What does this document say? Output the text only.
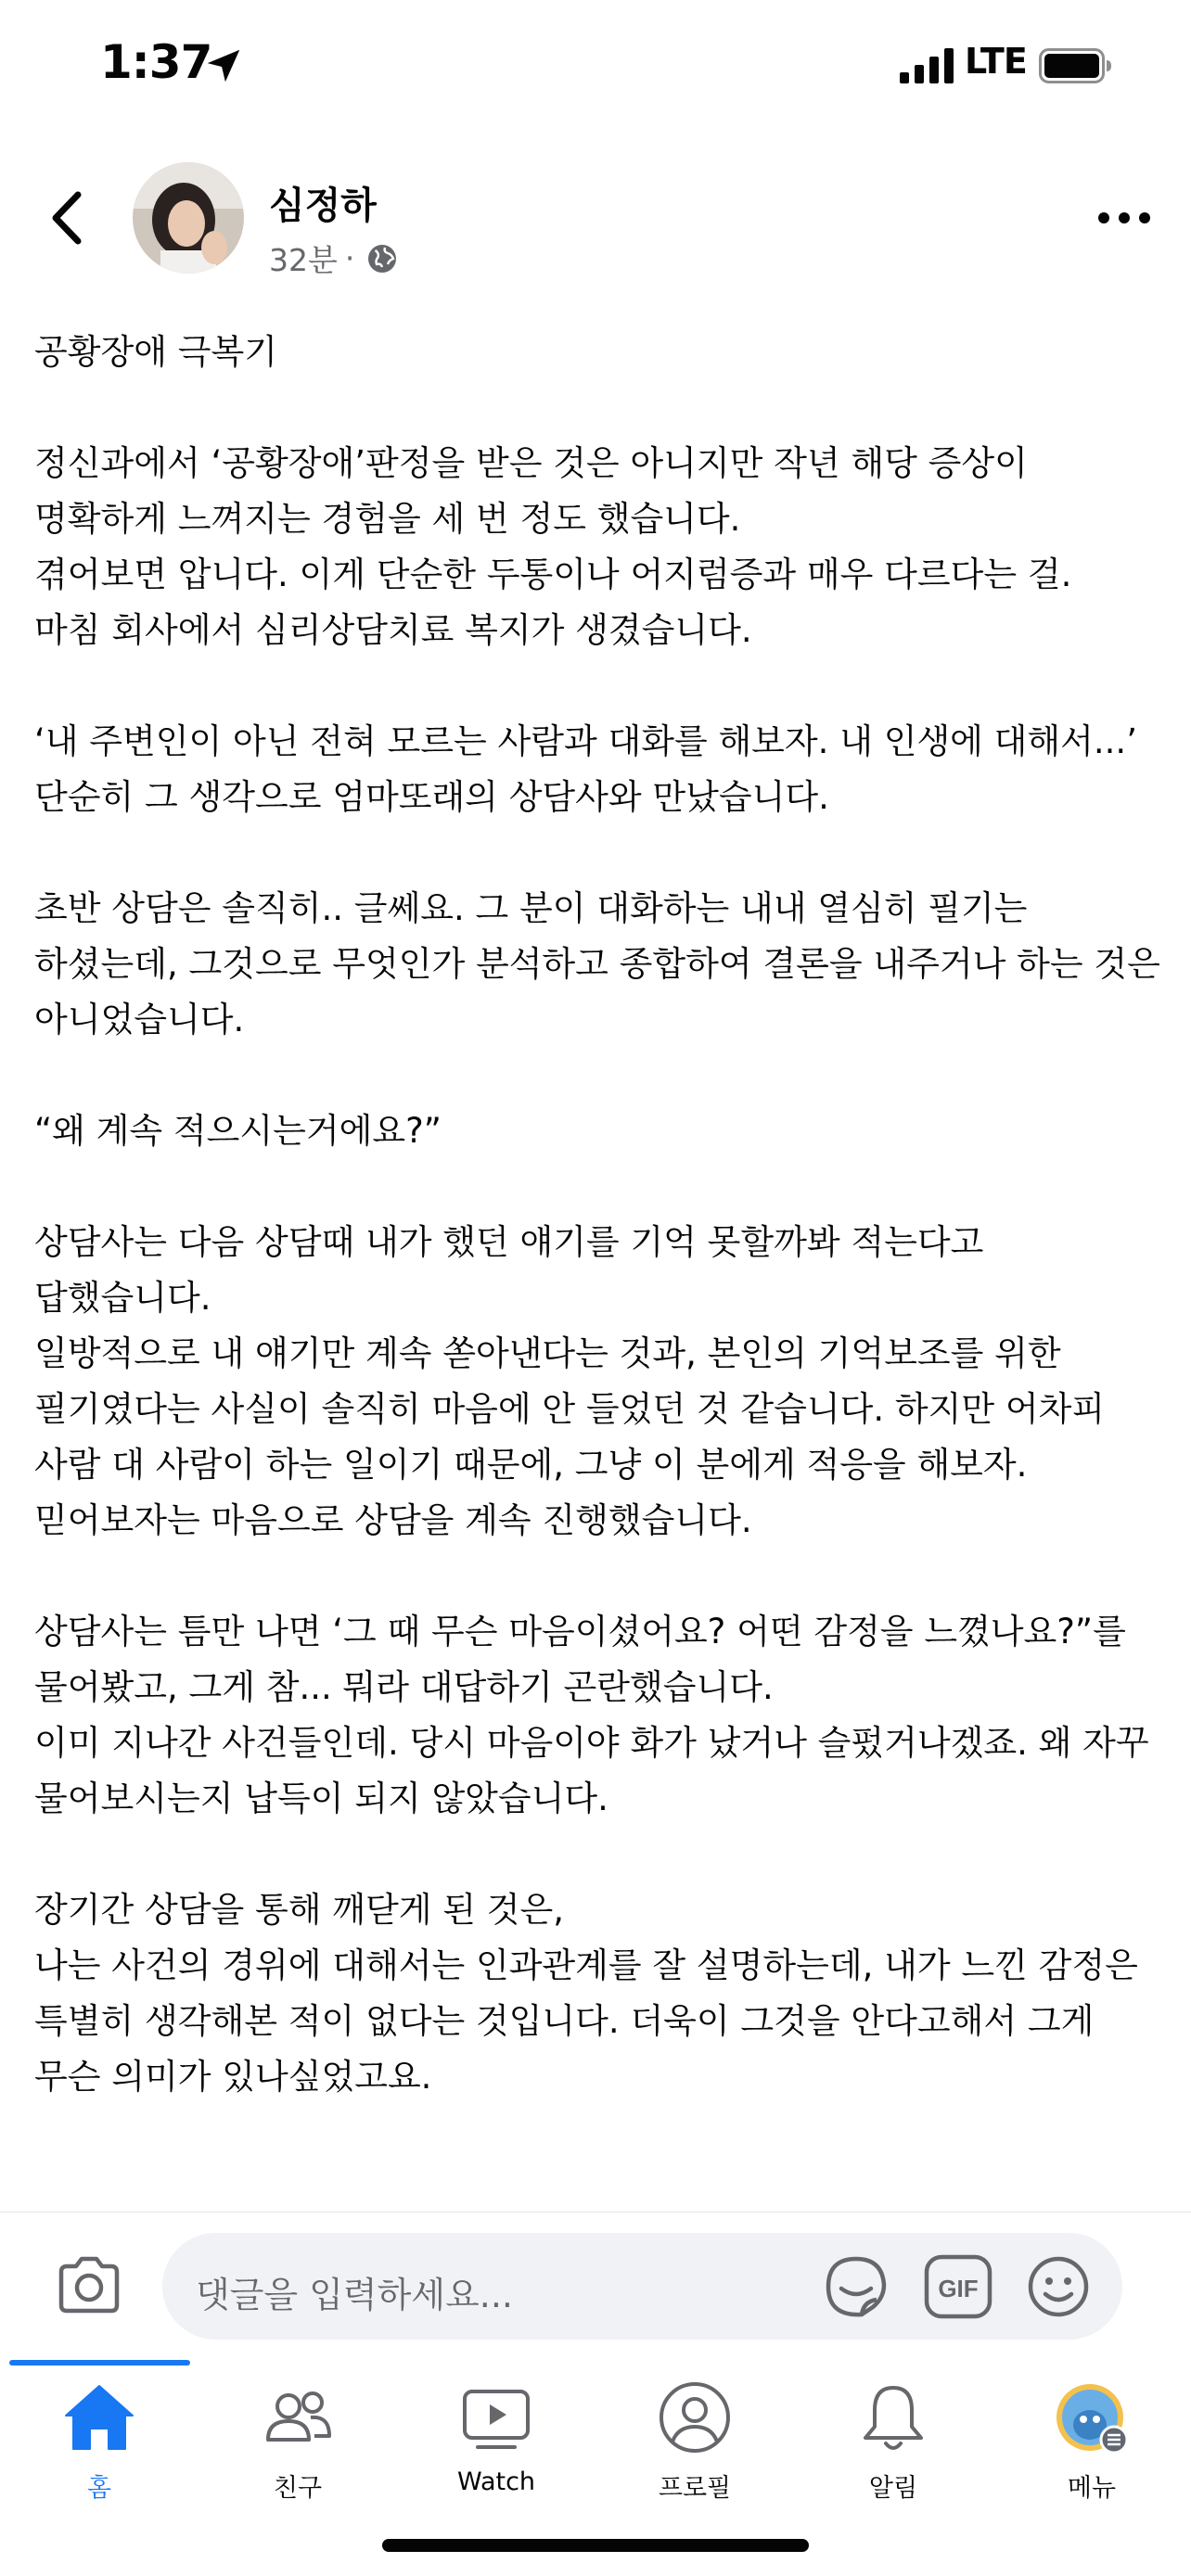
1:37	LTE
심정하
32분 ·

공황장애 극복기

정신과에서 ‘공황장애’판정을 받은 것은 아니지만 작년 해당 증상이 명확하게 느껴지는 경험을 세 번 정도 했습니다.
겪어보면 압니다. 이게 단순한 두통이나 어지럼증과 매우 다르다는 걸.
마침 회사에서 심리상담치료 복지가 생겼습니다.

‘내 주변인이 아닌 전혀 모르는 사람과 대화를 해보자. 내 인생에 대해서...’
단순히 그 생각으로 엄마또래의 상담사와 만났습니다.

초반 상담은 솔직히.. 글쎄요. 그 분이 대화하는 내내 열심히 필기는 하셨는데, 그것으로 무엇인가 분석하고 종합하여 결론을 내주거나 하는 것은 아니었습니다.

“왜 계속 적으시는거에요?”

상담사는 다음 상담때 내가 했던 얘기를 기억 못할까봐 적는다고 답했습니다.
일방적으로 내 얘기만 계속 쏟아낸다는 것과, 본인의 기억보조를 위한 필기였다는 사실이 솔직히 마음에 안 들었던 것 같습니다. 하지만 어차피 사람 대 사람이 하는 일이기 때문에, 그냥 이 분에게 적응을 해보자. 믿어보자는 마음으로 상담을 계속 진행했습니다.

상담사는 틈만 나면 ‘그 때 무슨 마음이셨어요? 어떤 감정을 느꼈나요?”를 물어봤고, 그게 참... 뭐라 대답하기 곤란했습니다.
이미 지나간 사건들인데. 당시 마음이야 화가 났거나 슬펐거나겠죠. 왜 자꾸 물어보시는지 납득이 되지 않았습니다.

장기간 상담을 통해 깨닫게 된 것은,
나는 사건의 경위에 대해서는 인과관계를 잘 설명하는데, 내가 느낀 감정은 특별히 생각해본 적이 없다는 것입니다. 더욱이 그것을 안다고해서 그게 무슨 의미가 있나싶었고요.

댓글을 입력하세요...	GIF
홈	친구	Watch	프로필	알림	메뉴
